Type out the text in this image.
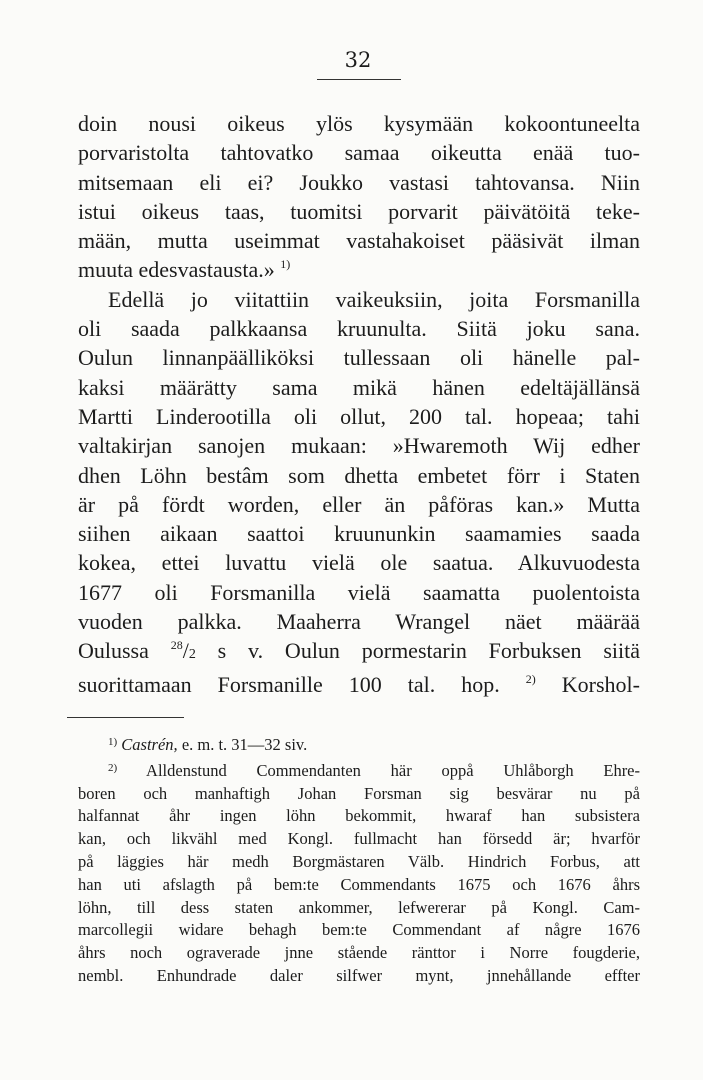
32
doin nousi oikeus ylös kysymään kokoontuneelta
porvaristolta tahtovatko samaa oikeutta enää tuo-
mitsemaan eli ei? Joukko vastasi tahtovansa. Niin
istui oikeus taas, tuomitsi porvarit päivätöitä teke-
mään, mutta useimmat vastahakoiset pääsivät ilman
muuta edesvastausta.» $^{1)}$
Edellä jo viitattiin vaikeuksiin, joita Forsmanilla
oli saada palkkaansa kruunulta. Siitä joku sana.
Oulun linnanpäälliköksi tullessaan oli hänelle pal-
kaksi määrätty sama mikä hänen edeltäjällänsä
Martti Linderootilla oli ollut, 200 tal. hopeaa; tahi
valtakirjan sanojen mukaan: »Hwaremoth Wij edher
dhen Löhn bestâm som dhetta embetet förr i Staten
är på fördt worden, eller än påföras kan.» Mutta
siihen aikaan saattoi kruununkin saamamies saada
kokea, ettei luvattu vielä ole saatua. Alkuvuodesta
1677 oli Forsmanilla vielä saamatta puolentoista
vuoden palkka. Maaherra Wrangel näet määrää
Oulussa $^{28}$/2 s v. Oulun pormestarin Forbuksen siitä
suorittamaan Forsmanille 100 tal. hop. $^{2)}$ Korshol-
$^{1)}$ Castrén, e. m. t. 31—32 siv.
$^{2)}$ Alldenstund Commendanten här oppå Uhlåborgh Ehre-
boren och manhaftigh Johan Forsman sig besvärar nu på
halfannat åhr ingen löhn bekommit, hwaraf han subsistera
kan, och likvähl med Kongl. fullmacht han försedd är; hvarför
på läggies här medh Borgmästaren Välb. Hindrich Forbus, att
han uti afslagth på bem:te Commendants 1675 och 1676 åhrs
löhn, till dess staten ankommer, lefwererar på Kongl. Cam-
marcollegii widare behagh bem:te Commendant af någre 1676
åhrs noch ograverade jnne stående ränttor i Norre fougderie,
nembl. Enhundrade daler silfwer mynt, jnnehållande effter
